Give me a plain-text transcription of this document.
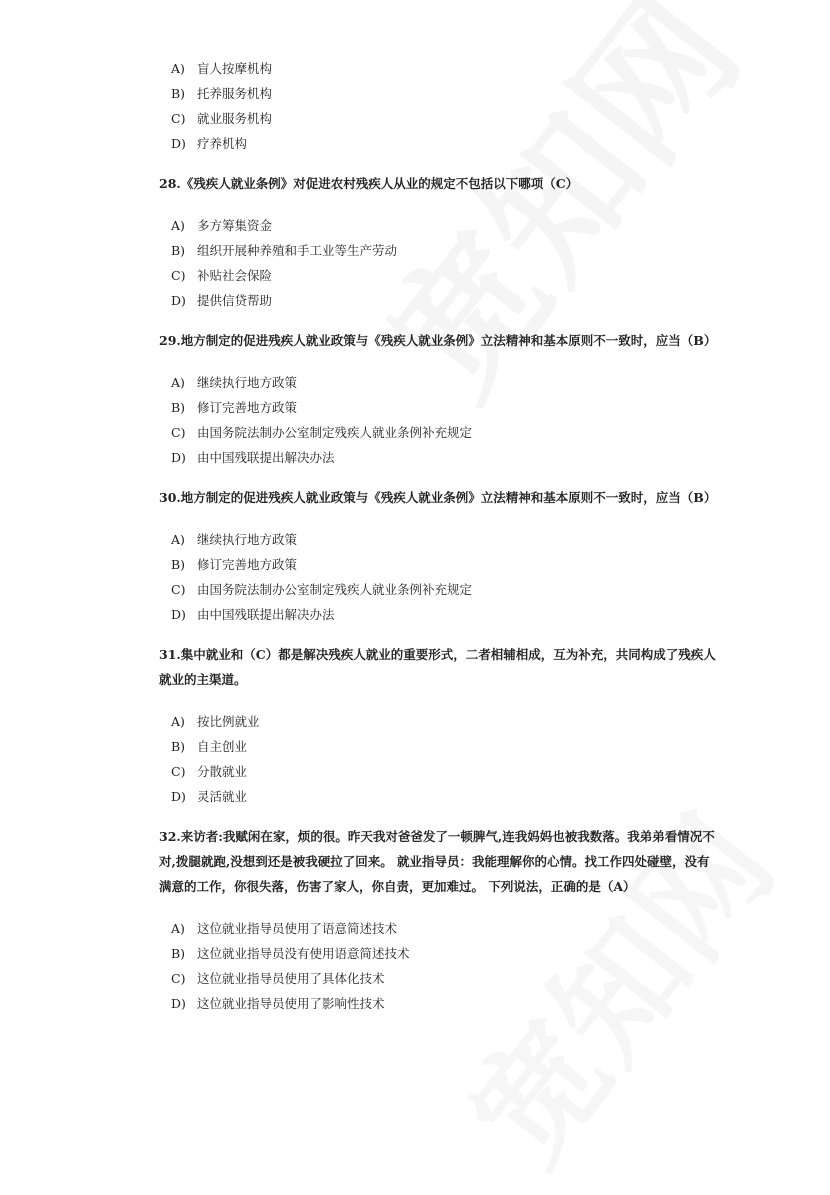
A) 盲人按摩机构
B) 托养服务机构
C) 就业服务机构
D) 疗养机构

28.《残疾人就业条例》对促进农村残疾人从业的规定不包括以下哪项（C）

A) 多方筹集资金
B) 组织开展种养殖和手工业等生产劳动
C) 补贴社会保险
D) 提供信贷帮助

29.地方制定的促进残疾人就业政策与《残疾人就业条例》立法精神和基本原则不一致时，应当（B）

A) 继续执行地方政策
B) 修订完善地方政策
C) 由国务院法制办公室制定残疾人就业条例补充规定
D) 由中国残联提出解决办法

30.地方制定的促进残疾人就业政策与《残疾人就业条例》立法精神和基本原则不一致时，应当（B）

A) 继续执行地方政策
B) 修订完善地方政策
C) 由国务院法制办公室制定残疾人就业条例补充规定
D) 由中国残联提出解决办法

31.集中就业和（C）都是解决残疾人就业的重要形式，二者相辅相成，互为补充，共同构成了残疾人就业的主渠道。

A) 按比例就业
B) 自主创业
C) 分散就业
D) 灵活就业

32.来访者:我赋闲在家，烦的很。昨天我对爸爸发了一顿脾气,连我妈妈也被我数落。我弟弟看情况不对,拨腿就跑,没想到还是被我硬拉了回来。 就业指导员：我能理解你的心情。找工作四处碰壁，没有满意的工作，你很失落，伤害了家人，你自责，更加难过。 下列说法，正确的是（A）

A) 这位就业指导员使用了语意简述技术
B) 这位就业指导员没有使用语意简述技术
C) 这位就业指导员使用了具体化技术
D) 这位就业指导员使用了影响性技术
